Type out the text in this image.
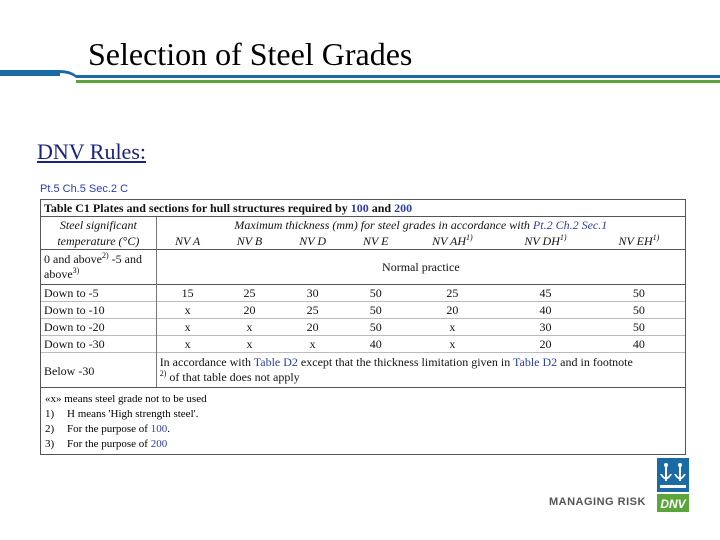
Selection of Steel Grades
DNV Rules:
Pt.5 Ch.5 Sec.2 C
Table C1 Plates and sections for hull structures required by 100 and 200							
Steel significant	Maximum thickness (mm) for steel grades in accordance with Pt.2 Ch.2 Sec.1						
temperature (°C)	NV A	NV B	NV D	NV E	NV AH$^{1)}$	NV DH$^{1)}$	NV EH$^{1)}$
0 and above$^{2)}$ -5 and
above$^{3)}$	Normal practice						
Down to -5	15	25	30	50	25	45	50
Down to -10	x	20	25	50	20	40	50
Down to -20	x	x	20	50	x	30	50
Down to -30	x	x	x	40	x	20	40
Below -30	In accordance with Table D2 except that the thickness limitation given in Table D2 and in footnote
$^{2)}$ of that table does not apply						
«x» means steel grade not to be used
1) H means 'High strength steel'.
2) For the purpose of 100.
3) For the purpose of 200
DNV
MANAGING RISK
